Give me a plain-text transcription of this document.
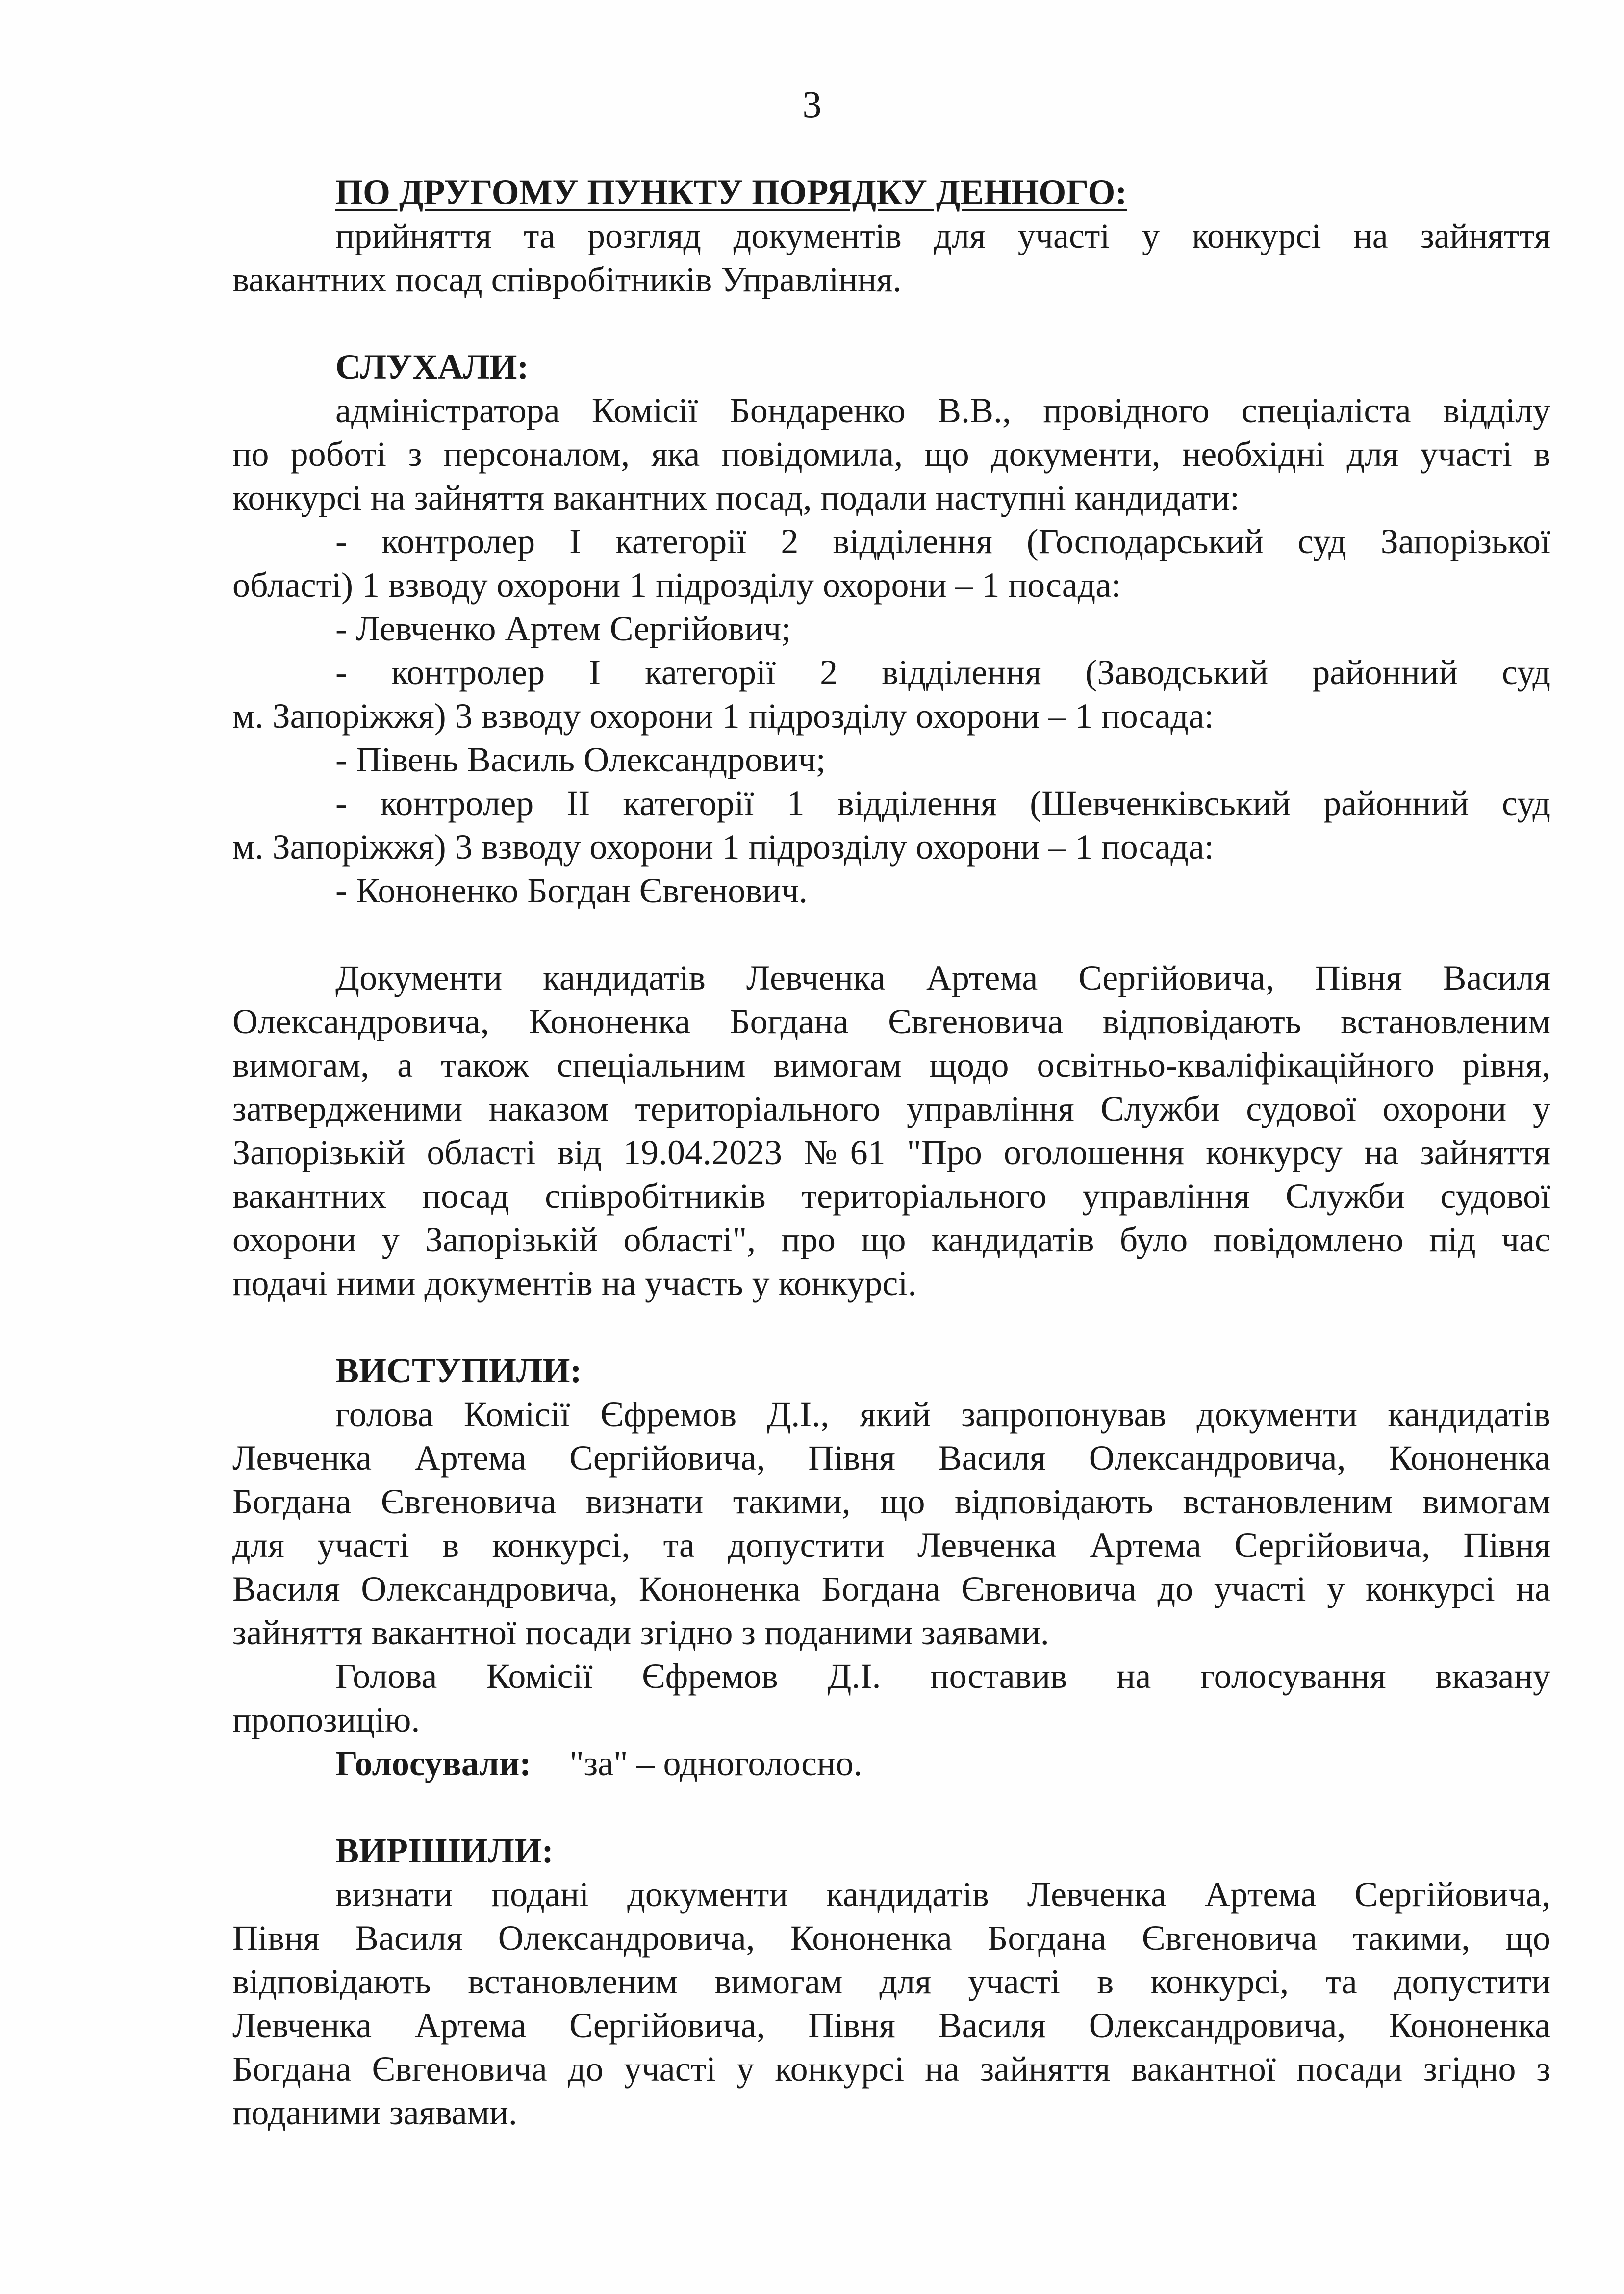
3

ПО ДРУГОМУ ПУНКТУ ПОРЯДКУ ДЕННОГО:

прийняття та розгляд документів для участі у конкурсі на зайняття

вакантних посад співробітників Управління.

СЛУХАЛИ:

адміністратора Комісії Бондаренко В.В., провідного спеціаліста відділу

по роботі з персоналом, яка повідомила, що документи, необхідні для участі в

конкурсі на зайняття вакантних посад, подали наступні кандидати:

- контролер І категорії 2 відділення (Господарський суд Запорізької

області) 1 взводу охорони 1 підрозділу охорони – 1 посада:

- Левченко Артем Сергійович;

- контролер І категорії 2 відділення (Заводський районний суд

м. Запоріжжя) 3 взводу охорони 1 підрозділу охорони – 1 посада:

- Півень Василь Олександрович;

- контролер ІІ категорії 1 відділення (Шевченківський районний суд

м. Запоріжжя) 3 взводу охорони 1 підрозділу охорони – 1 посада:

- Кононенко Богдан Євгенович.

Документи кандидатів Левченка Артема Сергійовича, Півня Василя

Олександровича, Кононенка Богдана Євгеновича відповідають встановленим

вимогам, а також спеціальним вимогам щодо освітньо-кваліфікаційного рівня,

затвердженими наказом територіального управління Служби судової охорони у

Запорізькій області від 19.04.2023 №61 "Про оголошення конкурсу на зайняття

вакантних посад співробітників територіального управління Служби судової

охорони у Запорізькій області", про що кандидатів було повідомлено під час

подачі ними документів на участь у конкурсі.

ВИСТУПИЛИ:

голова Комісії Єфремов Д.І., який запропонував документи кандидатів

Левченка Артема Сергійовича, Півня Василя Олександровича, Кононенка

Богдана Євгеновича визнати такими, що відповідають встановленим вимогам

для участі в конкурсі, та допустити Левченка Артема Сергійовича, Півня

Василя Олександровича, Кононенка Богдана Євгеновича до участі у конкурсі на

зайняття вакантної посади згідно з поданими заявами.

Голова Комісії Єфремов Д.І. поставив на голосування вказану

пропозицію.

Голосували: "за" – одноголосно.

ВИРІШИЛИ:

визнати подані документи кандидатів Левченка Артема Сергійовича,

Півня Василя Олександровича, Кононенка Богдана Євгеновича такими, що

відповідають встановленим вимогам для участі в конкурсі, та допустити

Левченка Артема Сергійовича, Півня Василя Олександровича, Кононенка

Богдана Євгеновича до участі у конкурсі на зайняття вакантної посади згідно з

поданими заявами.
